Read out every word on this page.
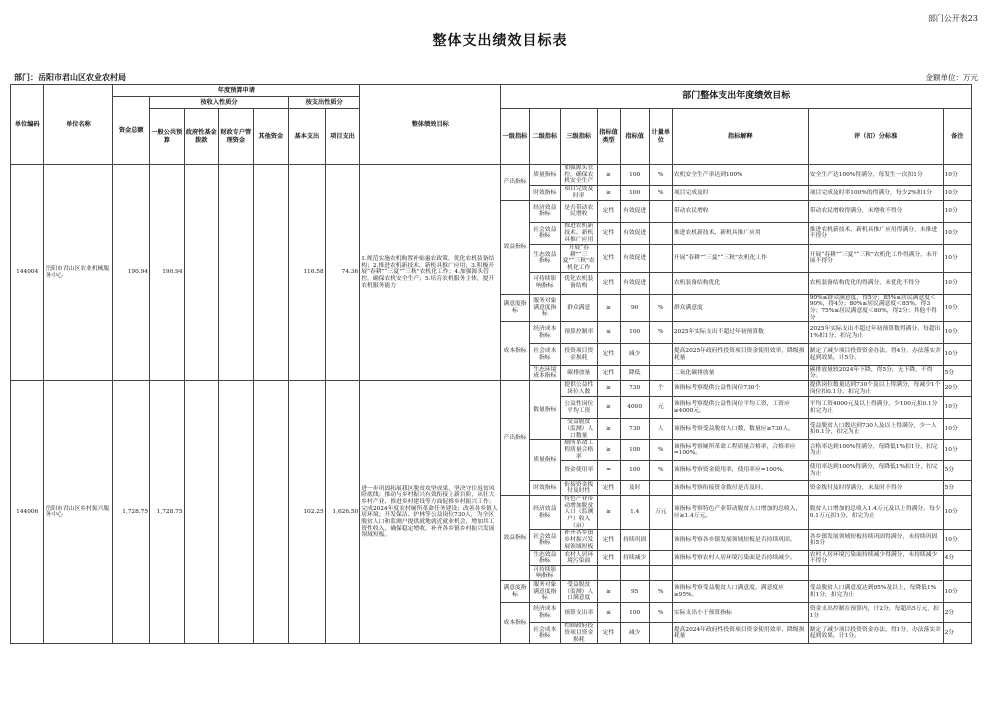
部门公开表23
整体支出绩效目标表
部门：岳阳市君山区农业农村局	金额单位：万元
单位编码	单位名称	年度预算申请							整体绩效目标	部门整体支出年度绩效目标								
		资金总额	按收入性质分				按支出性质分											
			一般公共预算	政府性基金拨款	财政专户管理资金	其他资金	基本支出	项目支出		一级指标	二级指标	三级指标	指标值类型	指标值	计量单位	指标解释	评（扣）分标准	备注
144004	岳阳市君山区农业机械服务中心	190.94	190.94				116.58	74.36	1.规范实施农机购置补贴惠农政策，优化农机装备结构；2.推进农机新技术，新机具推广应用；3.积极开展“春耕”“三夏”“三秋”农机化工作；4.加强源头管控，确保农机安全生产；5.培育农机服务主体，提升农机服务能力	产出指标	质量指标	加强源头管控，确保农机安全生产	≥	100	%	农机安全生产率达到100%	安全生产达100%得满分，每发生一次扣1分	10分
											时效指标	项目完成及时率	≥	100	%	项目完成及时	项目完成及时率100%的得满分，每少2%扣1分	10分
										效益指标	经济效益指标	是否带动农民增收	定性	有效促进		带动农民增收	带动农民增收得满分，未增收不得分	10分
											社会效益指标	推进农机新技术、新机具推广应用	定性	有效促进		推进农机新技术、新机具推广应用	推进农机新技术、新机具推广应用得满分，未推进不得分	10分
											生态效益指标	开展“春耕”“三夏”“三秋”农机化工作	定性	有效促进		开展“春耕”“三夏”“三秋”农机化工作	开展“春耕”“三夏”“三秋”农机化工作得满分，未开展不得分	10分
											可持续影响指标	优化农机装备结构	定性	有效促进		农机装备结构优化	农机装备结构优化的得满分，未优化不得分	10分
										满意度指标	服务对象满意度指标	群众满意	≥	90	%	群众满意度	90%≤群众满意度，得5分；85%≤居民满意度＜90%，得4分；80%≤居民满意度＜85%，得3分；75%≤居民满意度＜80%，得2分；其他不得分	10分
										成本指标	经济成本指标	预算控制率	≤	100	%	2025年实际支出不超过年初预算数	2025年实际支出不超过年初预算数得满分，每超出1%扣1分，扣完为止	10分
											社会成本指标	投资项目资金损耗	定性	减少		提高2025年政府性投资项目资金使用效率，降级损耗量	制定了减少项目投资资金办法，得4分，办法落实并起到效果，计5分。	10分
											生态环境成本指标	碳排放量	定性	降低		二氧化碳排放量	碳排放量较2024年下降，得5分，无下降，不得分。	5分
144006	岳阳市君山区乡村振兴服务中心	1,728.75	1,728.75				102.25	1,626.50	进一步巩固拓展我区脱贫攻坚成果，坚决守住返贫风险底线；推动与乡村振兴有效衔接上新台阶，从壮大乡村产业、推进乡村建设等方面促推乡村振兴工作；完成2024年度农村厕所革命任务建设；改善各乡镇人居环境；开发保洁、护林等公益岗位730人，为全区脱贫人口和监测户提供就地就近就业机会，增加其工资性收入，确保稳定增收，补齐各乡镇乡村振兴发展领域短板。	产出指标	数量指标	提供公益性岗位人数	≥	730	个	该指标考察提供公益性岗位730个	提供岗位数量达到730个及以上得满分，每减少1个岗位扣0.1分，扣完为止	20分
												公益性岗位平均工资	≥	4000	元	该指标考察提供公益性岗位平均工资，工资应≥4000元。	平均工资4000元及以上得满分，少100元扣0.1分扣完为止	10分
												受益脱贫（监测）人口数量	≥	730	人	该指标考察受益脱贫人口数，数量应≥730人。	受益脱贫人口数达到730人及以上得满分，少一人扣0.1分，扣完为止	10分
											质量指标	厕所革命工程质量合格率	≥	100	%	该指标考察厕所革命工程质量合格率，合格率应=100%。	合格率达到100%得满分，每降低1%扣1分，扣完为止	10分
												资金使用率	=	100	%	该指标考察资金使用率，使用率应=100%。	使用率达到100%得满分，每降低1%扣1分，扣完为止	5分
											时效指标	衔接资金拨付及时性	定性	及时		该指标考察衔接资金拨付是否及时。	资金拨付及时得满分，未及时不得分	5分
										效益指标	经济效益指标	特色产业带动增加脱贫人口（监测户）收入（亩）	≥	1.4	万元	该指标考察特色产业带动脱贫人口增加的总收入，应≥1.4万元。	脱贫人口增加的总收入1.4万元及以上得满分，每少0.1万元扣1分，扣完为止	10分
											社会效益指标	补齐各乡镇乡村振兴发展领域短板	定性	持续巩固		该指标考察各乡镇发展领域短板是否持续巩固。	各乡镇发展领域短板持续巩固得满分，未持续巩固扣5分	10分
											生态效益指标	农村人居环境污染面	定性	持续减少		该指标考察农村人居环境污染面是否持续减少。	农村人居环境污染面持续减少得满分，未持续减少不得分	4分
											可持续影响指标							
										满意度指标	服务对象满意度指标	受益脱贫（监测）人口满意度	≥	95	%	该指标考察受益脱贫人口满意度，满意度应≥95%。	受益脱贫人口满意度达到95%及以上，每降低1%扣1分，扣完为止	10分
										成本指标	经济成本指标	预算支出率	≤	100	%	实际支出小于预算指标	资金支出控制在预算内，计2分，每超出5万元，扣1分	2分
											社会成本指标	控制政府投资项目资金损耗	定性	减少		提高2024年政府性投资项目资金使用效率，降级损耗量	制定了减少项目投资资金办法，得1分，办法落实并起到效果，计1分。	2分
